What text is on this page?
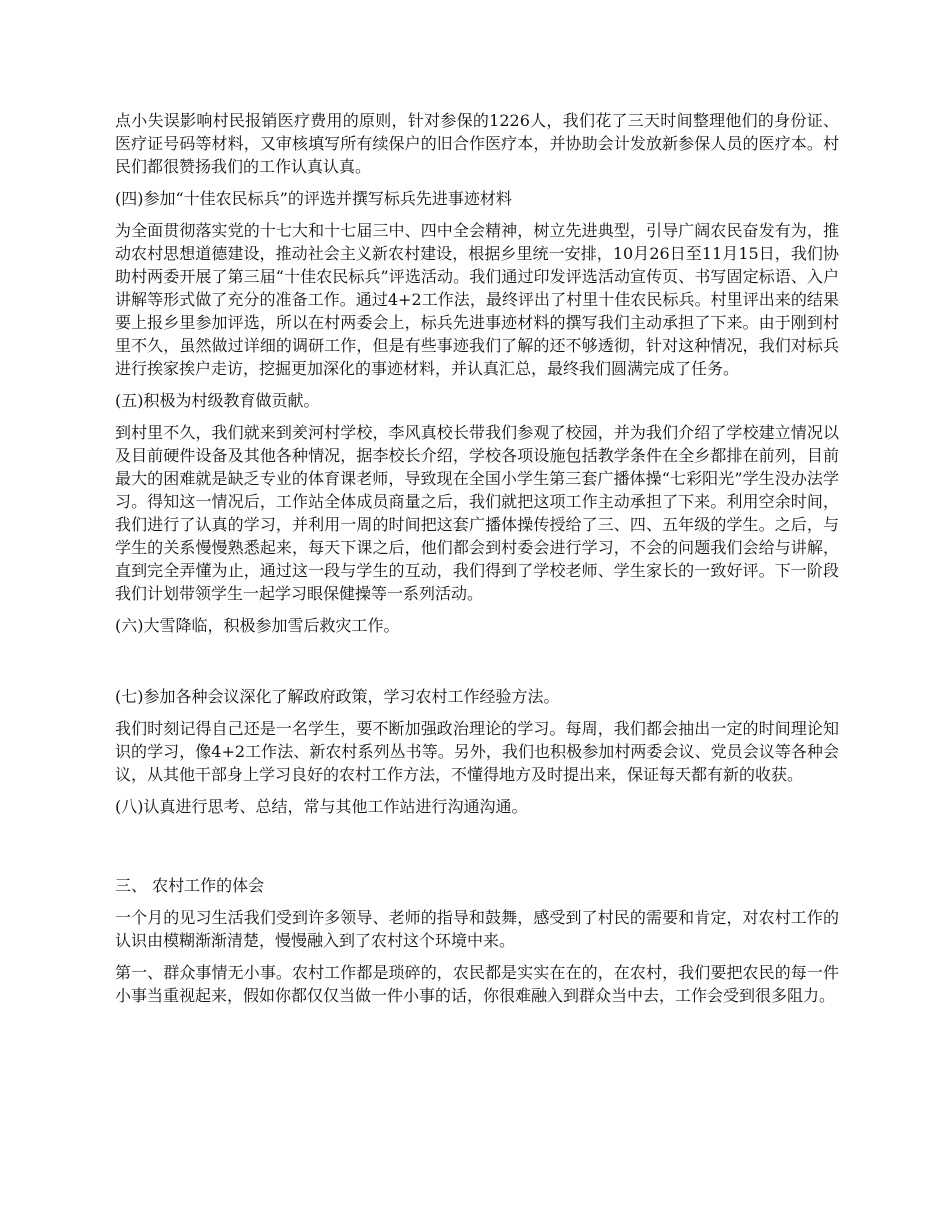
点小失误影响村民报销医疗费用的原则，针对参保的1226人，我们花了三天时间整理他们的身份证、医疗证号码等材料，又审核填写所有续保户的旧合作医疗本，并协助会计发放新参保人员的医疗本。村民们都很赞扬我们的工作认真认真。

(四)参加“十佳农民标兵”的评选并撰写标兵先进事迹材料

为全面贯彻落实党的十七大和十七届三中、四中全会精神，树立先进典型，引导广阔农民奋发有为，推动农村思想道德建设，推动社会主义新农村建设，根据乡里统一安排，10月26日至11月15日，我们协助村两委开展了第三届“十佳农民标兵”评选活动。我们通过印发评选活动宣传页、书写固定标语、入户讲解等形式做了充分的准备工作。通过4+2工作法，最终评出了村里十佳农民标兵。村里评出来的结果要上报乡里参加评选，所以在村两委会上，标兵先进事迹材料的撰写我们主动承担了下来。由于刚到村里不久，虽然做过详细的调研工作，但是有些事迹我们了解的还不够透彻，针对这种情况，我们对标兵进行挨家挨户走访，挖掘更加深化的事迹材料，并认真汇总，最终我们圆满完成了任务。

(五)积极为村级教育做贡献。

到村里不久，我们就来到羑河村学校，李风真校长带我们参观了校园，并为我们介绍了学校建立情况以及目前硬件设备及其他各种情况，据李校长介绍，学校各项设施包括教学条件在全乡都排在前列，目前最大的困难就是缺乏专业的体育课老师，导致现在全国小学生第三套广播体操“七彩阳光”学生没办法学习。得知这一情况后，工作站全体成员商量之后，我们就把这项工作主动承担了下来。利用空余时间，我们进行了认真的学习，并利用一周的时间把这套广播体操传授给了三、四、五年级的学生。之后，与学生的关系慢慢熟悉起来，每天下课之后，他们都会到村委会进行学习，不会的问题我们会给与讲解，直到完全弄懂为止，通过这一段与学生的互动，我们得到了学校老师、学生家长的一致好评。下一阶段我们计划带领学生一起学习眼保健操等一系列活动。

(六)大雪降临，积极参加雪后救灾工作。

(七)参加各种会议深化了解政府政策，学习农村工作经验方法。

我们时刻记得自己还是一名学生，要不断加强政治理论的学习。每周，我们都会抽出一定的时间理论知识的学习，像4+2工作法、新农村系列丛书等。另外，我们也积极参加村两委会议、党员会议等各种会议，从其他干部身上学习良好的农村工作方法，不懂得地方及时提出来，保证每天都有新的收获。

(八)认真进行思考、总结，常与其他工作站进行沟通沟通。

三、 农村工作的体会

一个月的见习生活我们受到许多领导、老师的指导和鼓舞，感受到了村民的需要和肯定，对农村工作的认识由模糊渐渐清楚，慢慢融入到了农村这个环境中来。

第一、群众事情无小事。农村工作都是琐碎的，农民都是实实在在的，在农村，我们要把农民的每一件小事当重视起来，假如你都仅仅当做一件小事的话，你很难融入到群众当中去，工作会受到很多阻力。
